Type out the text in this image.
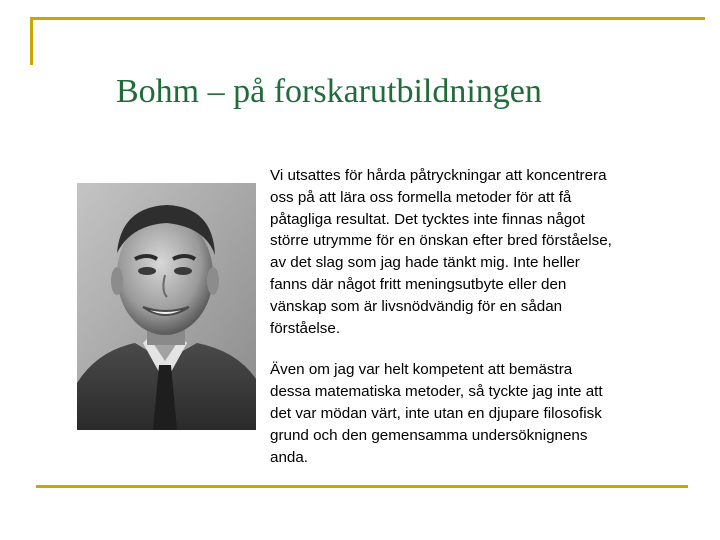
Bohm – på forskarutbildningen

Vi utsattes för hårda påtryckningar att koncentrera
oss på att lära oss formella metoder för att få
påtagliga resultat. Det tycktes inte finnas något
större utrymme för en önskan efter bred förståelse,
av det slag som jag hade tänkt mig. Inte heller
fanns där något fritt meningsutbyte eller den
vänskap som är livsnödvändig för en sådan
förståelse.

Även om jag var helt kompetent att bemästra
dessa matematiska metoder, så tyckte jag inte att
det var mödan värt, inte utan en djupare filosofisk
grund och den gemensamma undersöknignens
anda.
